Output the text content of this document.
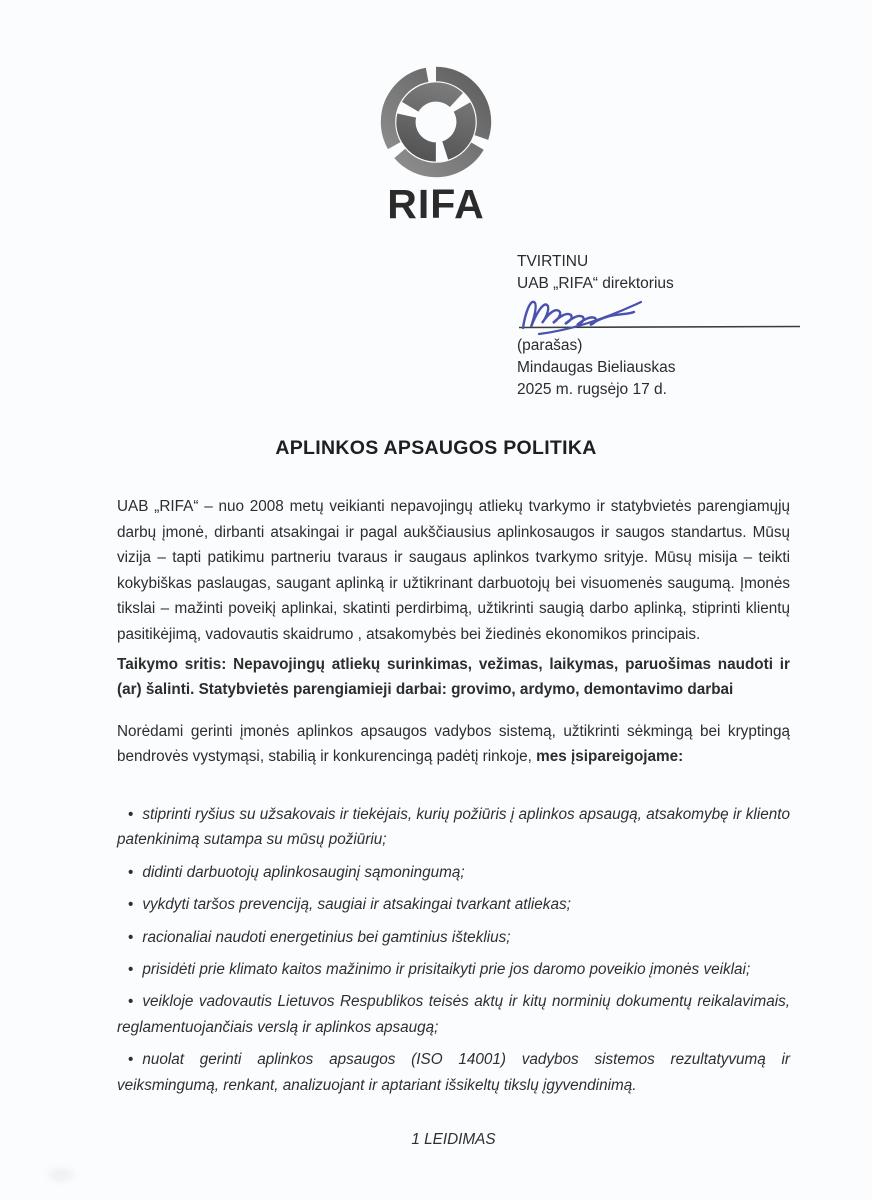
RIFA
TVIRTINU
UAB „RIFA“ direktorius
(parašas)
Mindaugas Bieliauskas
2025 m. rugsėjo 17 d.
APLINKOS APSAUGOS POLITIKA

UAB „RIFA“ – nuo 2008 metų veikianti nepavojingų atliekų tvarkymo ir statybvietės parengiamųjų darbų įmonė, dirbanti atsakingai ir pagal aukščiausius aplinkosaugos ir saugos standartus. Mūsų vizija – tapti patikimu partneriu tvaraus ir saugaus aplinkos tvarkymo srityje. Mūsų misija – teikti kokybiškas paslaugas, saugant aplinką ir užtikrinant darbuotojų bei visuomenės saugumą. Įmonės tikslai – mažinti poveikį aplinkai, skatinti perdirbimą, užtikrinti saugią darbo aplinką, stiprinti klientų pasitikėjimą, vadovautis skaidrumo , atsakomybės bei žiedinės ekonomikos principais.

Taikymo sritis: Nepavojingų atliekų surinkimas, vežimas, laikymas, paruošimas naudoti ir (ar) šalinti. Statybvietės parengiamieji darbai: grovimo, ardymo, demontavimo darbai

Norėdami gerinti įmonės aplinkos apsaugos vadybos sistemą, užtikrinti sėkmingą bei kryptingą bendrovės vystymąsi, stabilią ir konkurencingą padėtį rinkoje, mes įsipareigojame:

• stiprinti ryšius su užsakovais ir tiekėjais, kurių požiūris į aplinkos apsaugą, atsakomybę ir kliento patenkinimą sutampa su mūsų požiūriu;
• didinti darbuotojų aplinkosauginį sąmoningumą;
• vykdyti taršos prevenciją, saugiai ir atsakingai tvarkant atliekas;
• racionaliai naudoti energetinius bei gamtinius išteklius;
• prisidėti prie klimato kaitos mažinimo ir prisitaikyti prie jos daromo poveikio įmonės veiklai;
• veikloje vadovautis Lietuvos Respublikos teisės aktų ir kitų norminių dokumentų reikalavimais, reglamentuojančiais verslą ir aplinkos apsaugą;
• nuolat gerinti aplinkos apsaugos (ISO 14001) vadybos sistemos rezultatyvumą ir veiksmingumą, renkant, analizuojant ir aptariant išsikeltų tikslų įgyvendinimą.
1 LEIDIMAS
